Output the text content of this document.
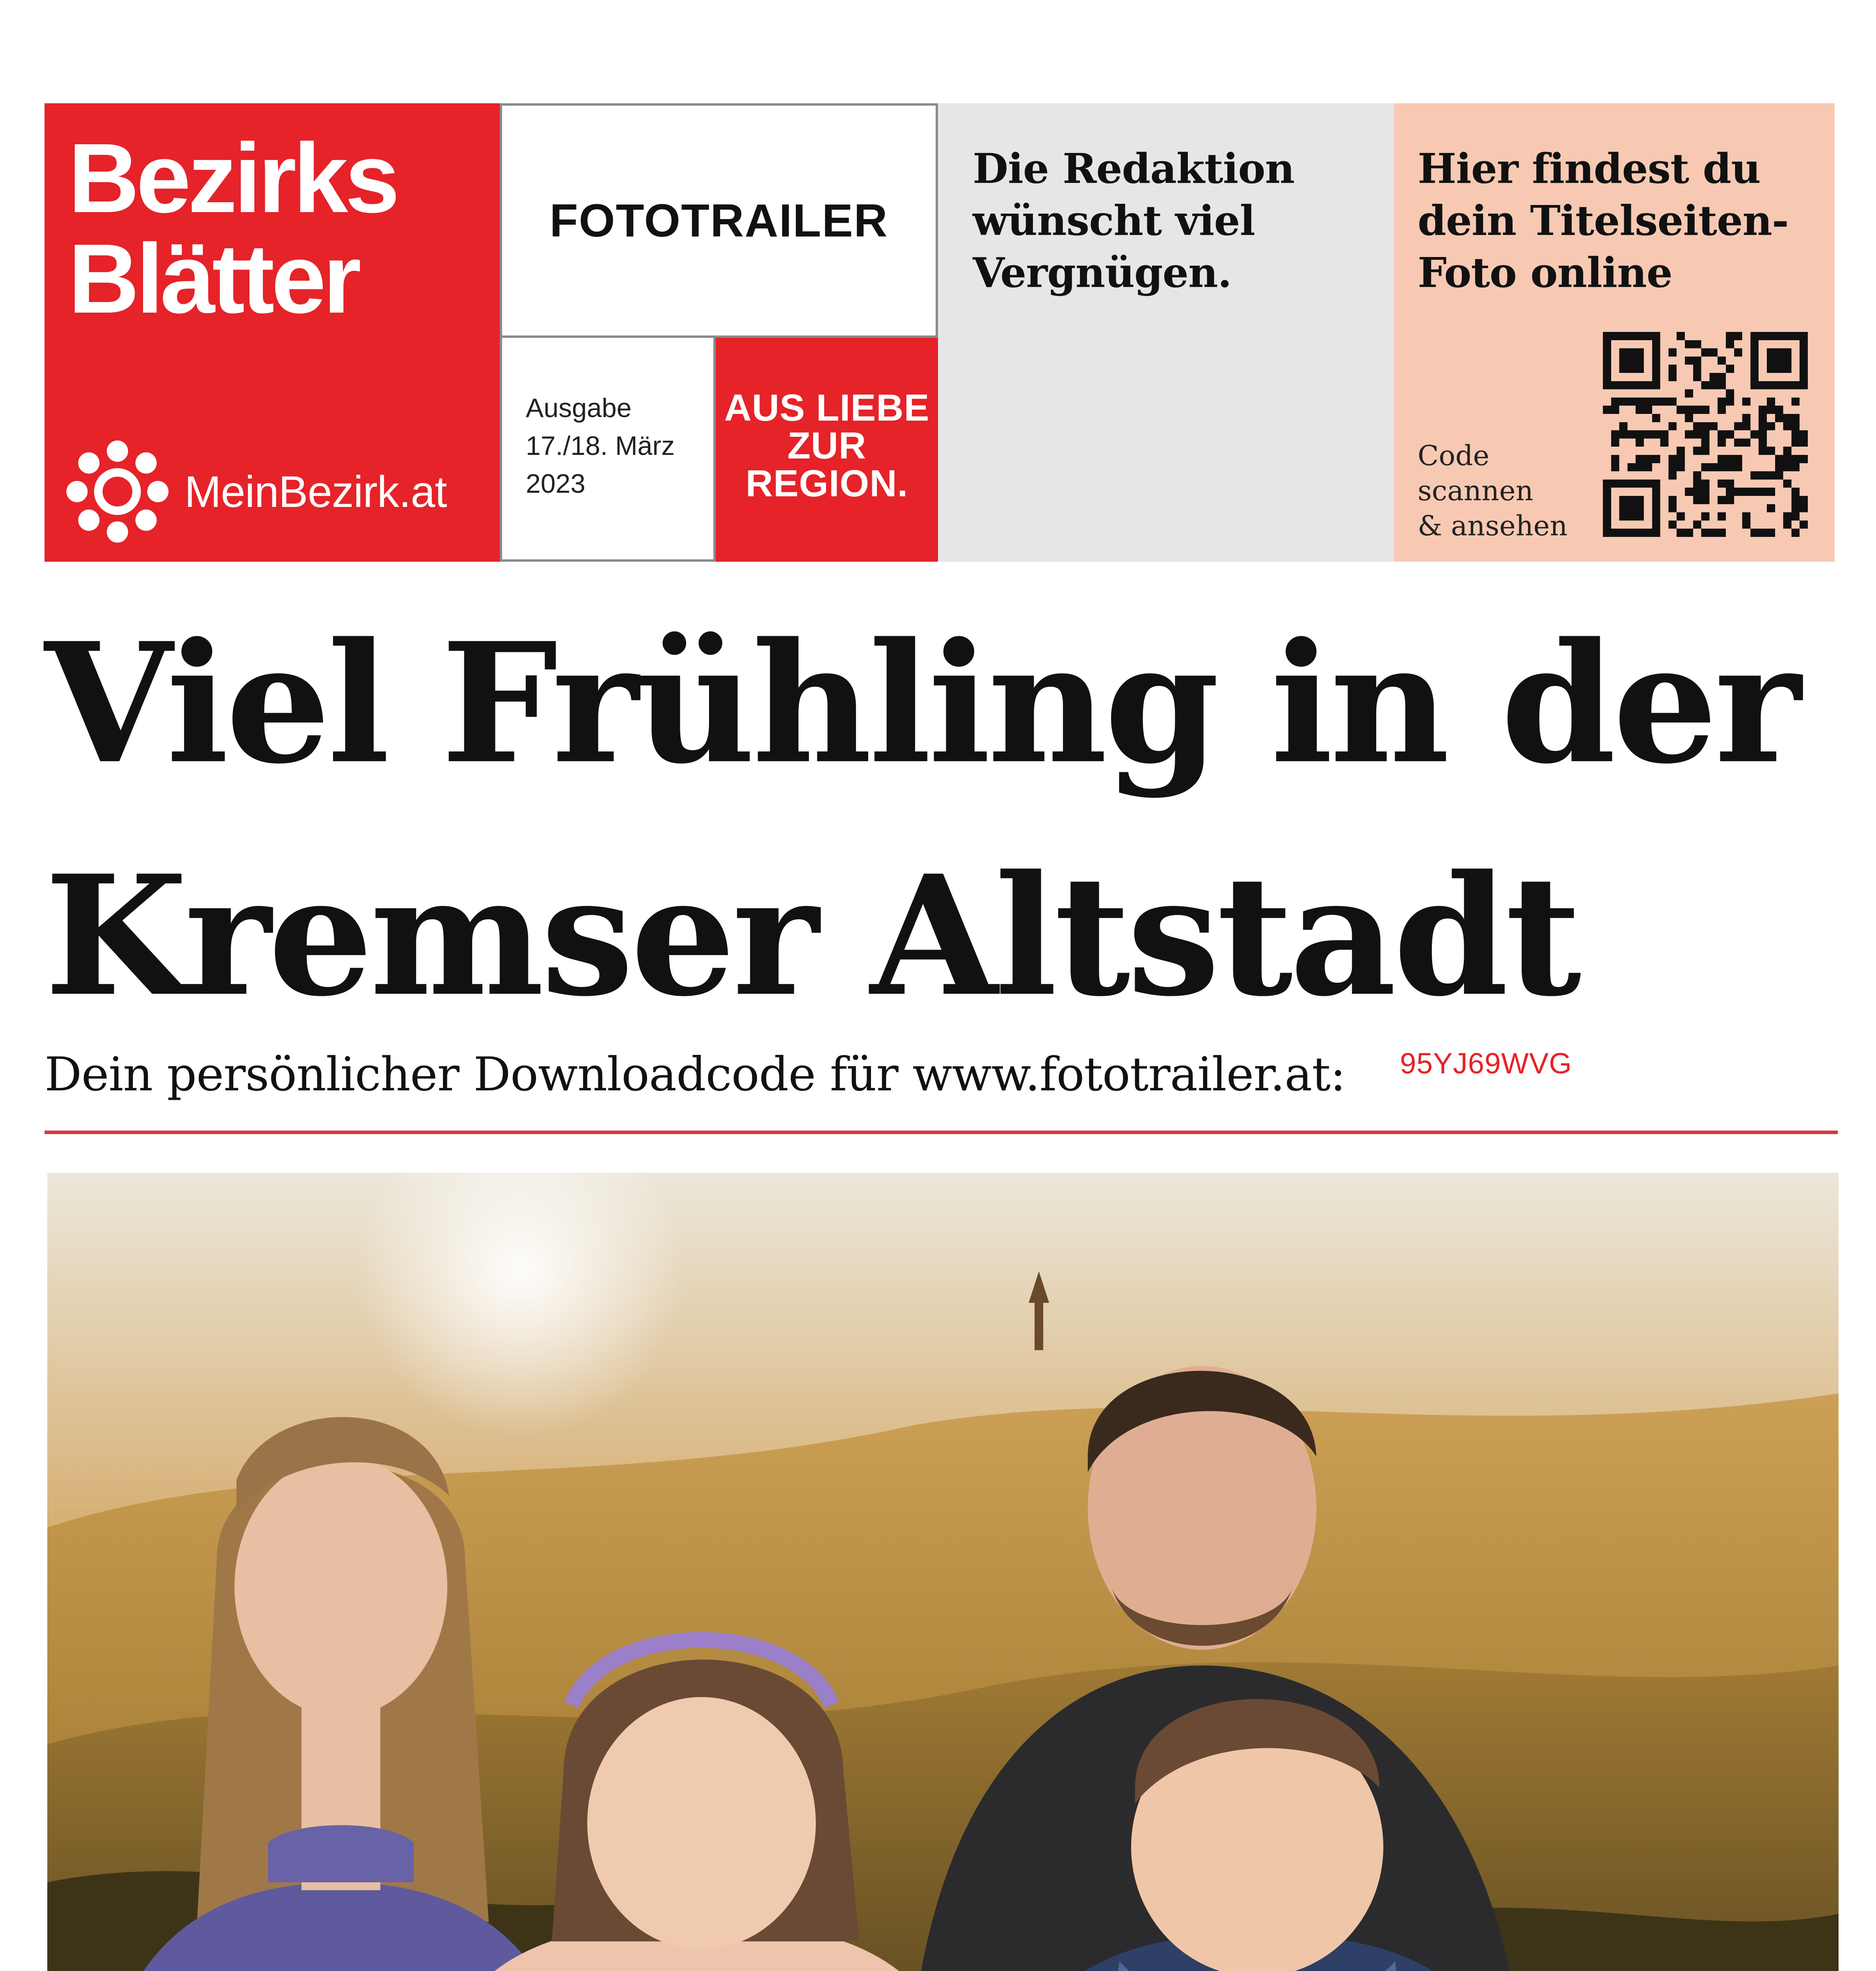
Bezirks
Blätter
MeinBezirk.at
FOTOTRAILER
Ausgabe
17./18. März
2023
AUS LIEBE
ZUR
REGION.
Die Redaktion
wünscht viel
Vergnügen.
Hier findest du
dein Titelseiten-
Foto online
Code
scannen
& ansehen
Viel Frühling in der
Kremser Altstadt
Dein persönlicher Downloadcode für www.fototrailer.at:	95YJ69WVG
